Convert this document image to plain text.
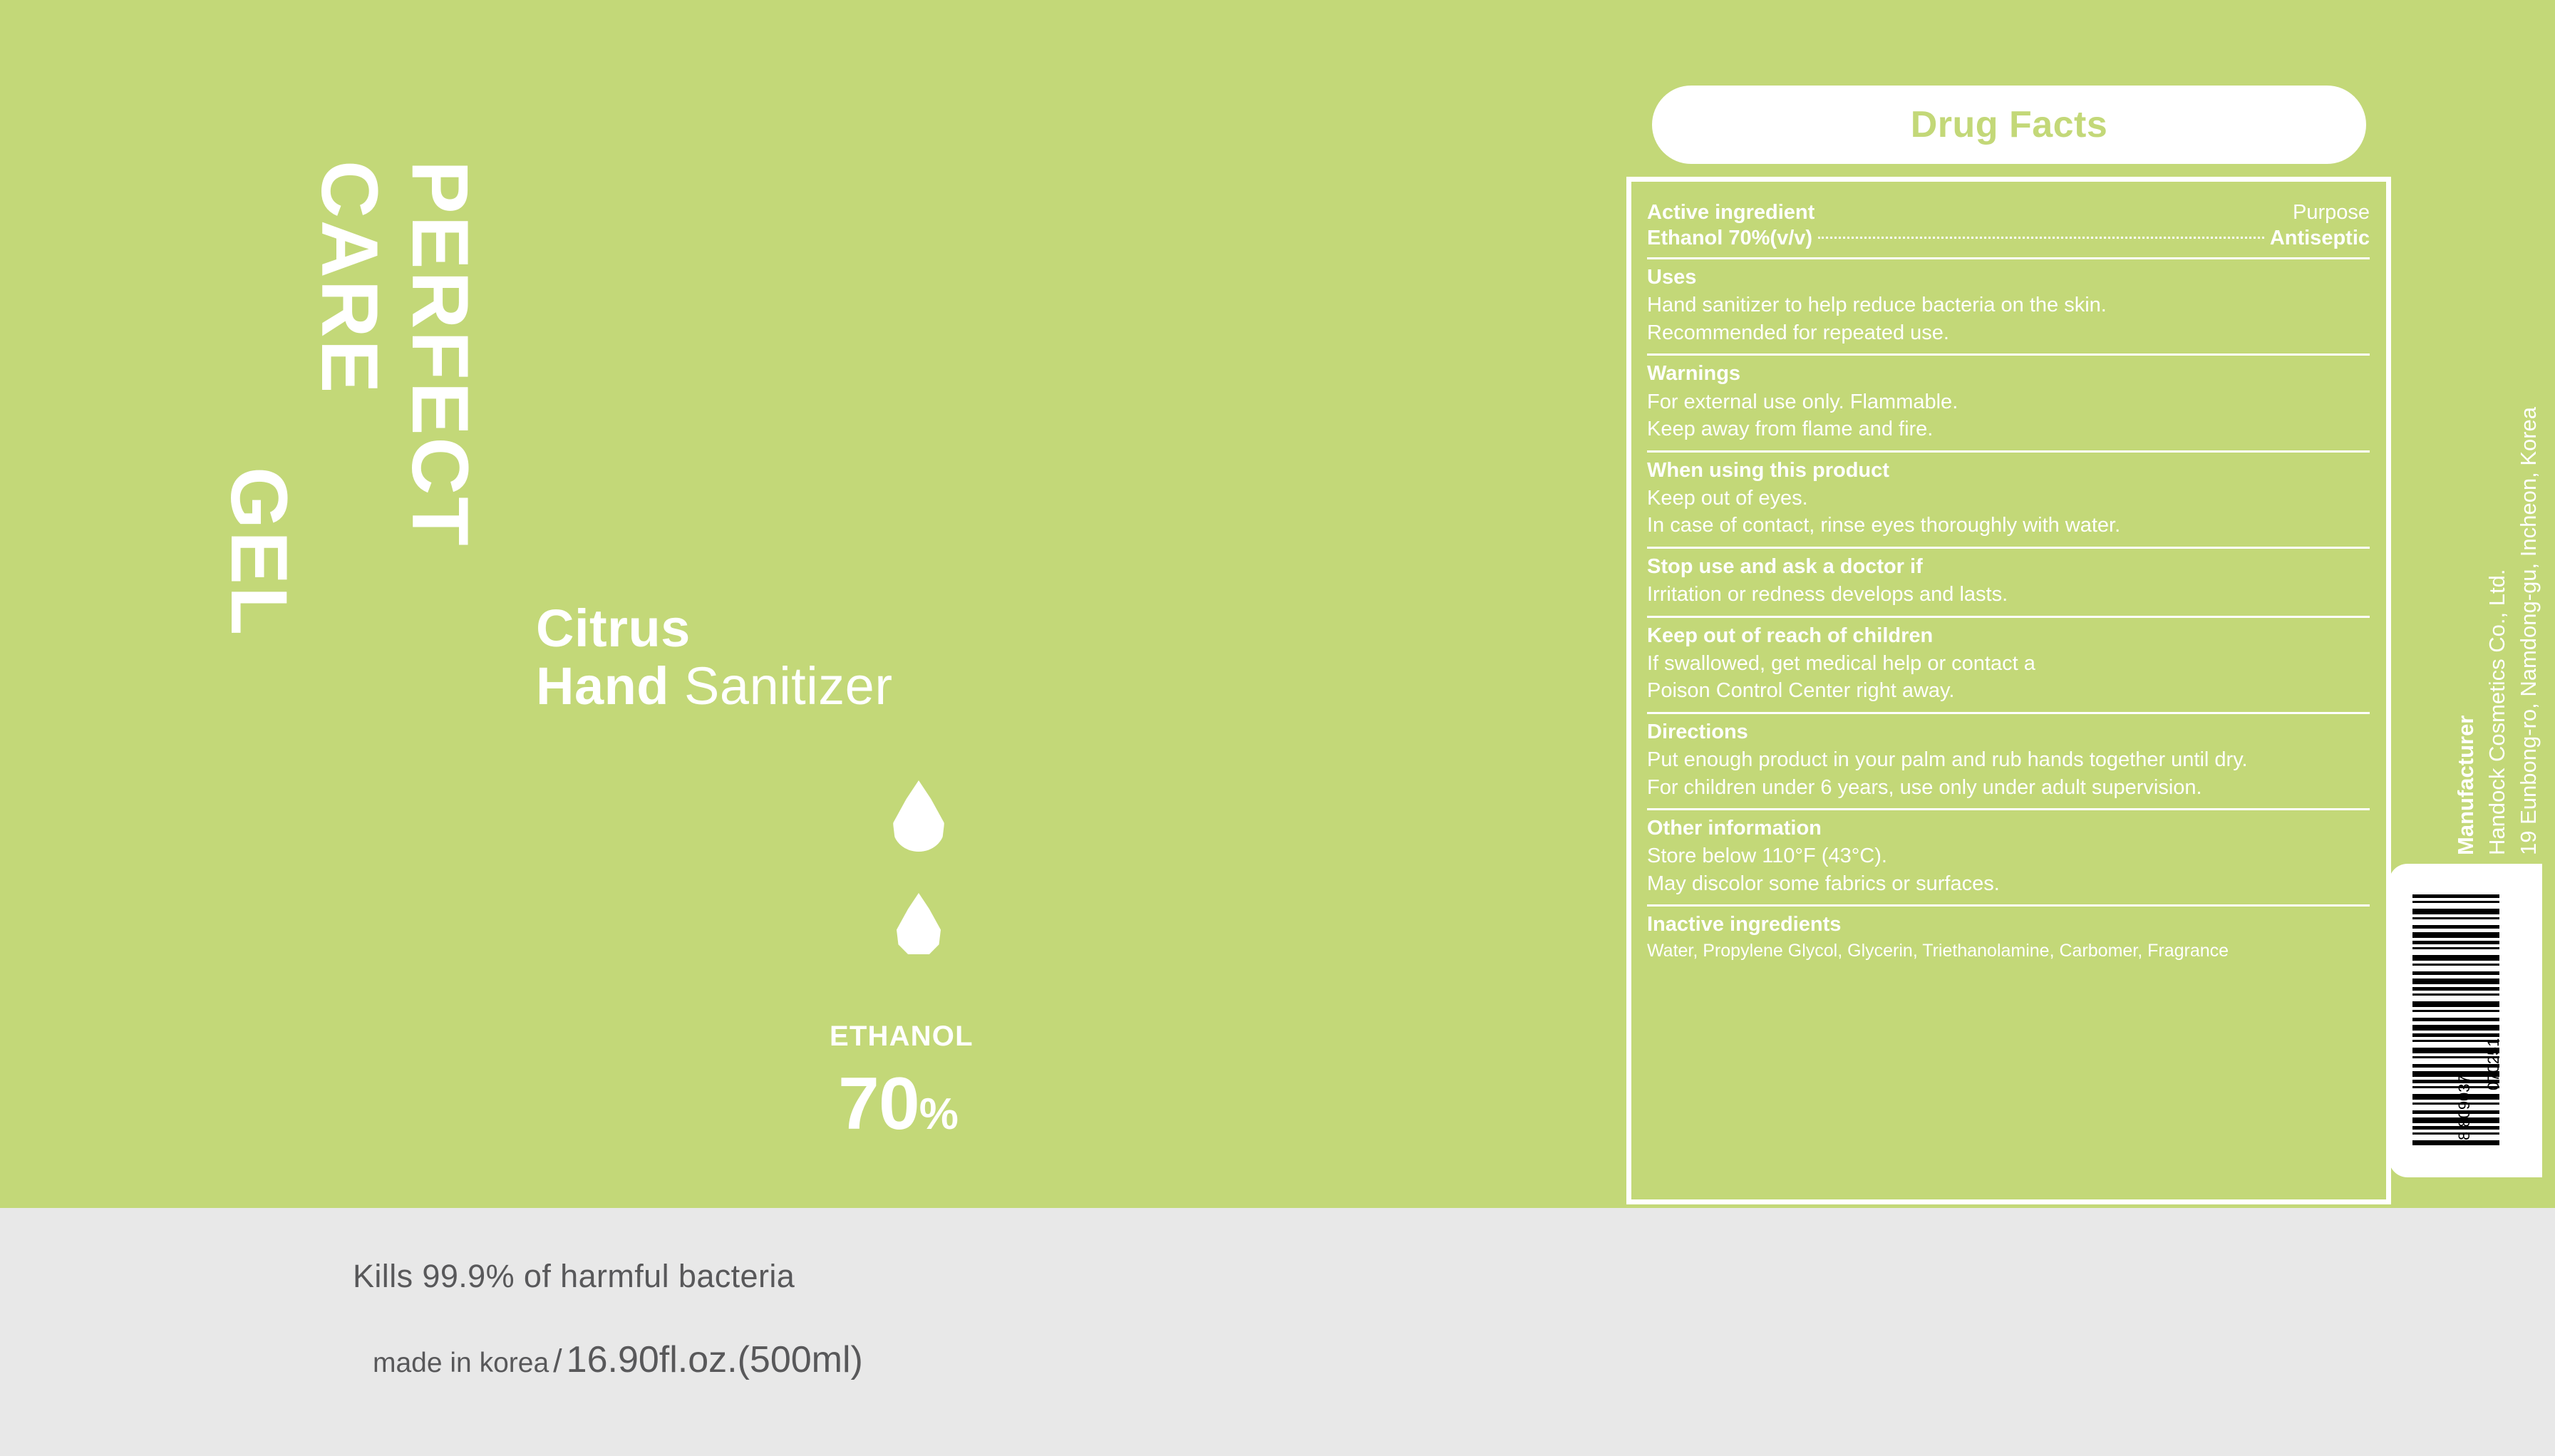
PERFECT
CARE
GEL	Citrus
Hand Sanitizer
ETHANOL
70%
Drug Facts
Active ingredient	Purpose
Ethanol 70%(v/v)	Antiseptic
Uses
Hand sanitizer to help reduce bacteria on the skin.
Recommended for repeated use.
Warnings
For external use only. Flammable.
Keep away from flame and fire.
When using this product
Keep out of eyes.
In case of contact, rinse eyes thoroughly with water.
Stop use and ask a doctor if
Irritation or redness develops and lasts.
Keep out of reach of children
If swallowed, get medical help or contact a
Poison Control Center right away.
Directions
Put enough product in your palm and rub hands together until dry.
For children under 6 years, use only under adult supervision.
Other information
Store below 110°F (43°C).
May discolor some fabrics or surfaces.
Inactive ingredients
Water, Propylene Glycol, Glycerin, Triethanolamine, Carbomer, Fragrance
Manufacturer Handock Cosmetics Co., Ltd. 19 Eunbong-ro, Namdong-gu, Incheon, Korea
8 809037
070251
Kills 99.9% of harmful bacteria
made in korea / 16.90fl.oz.(500ml)
